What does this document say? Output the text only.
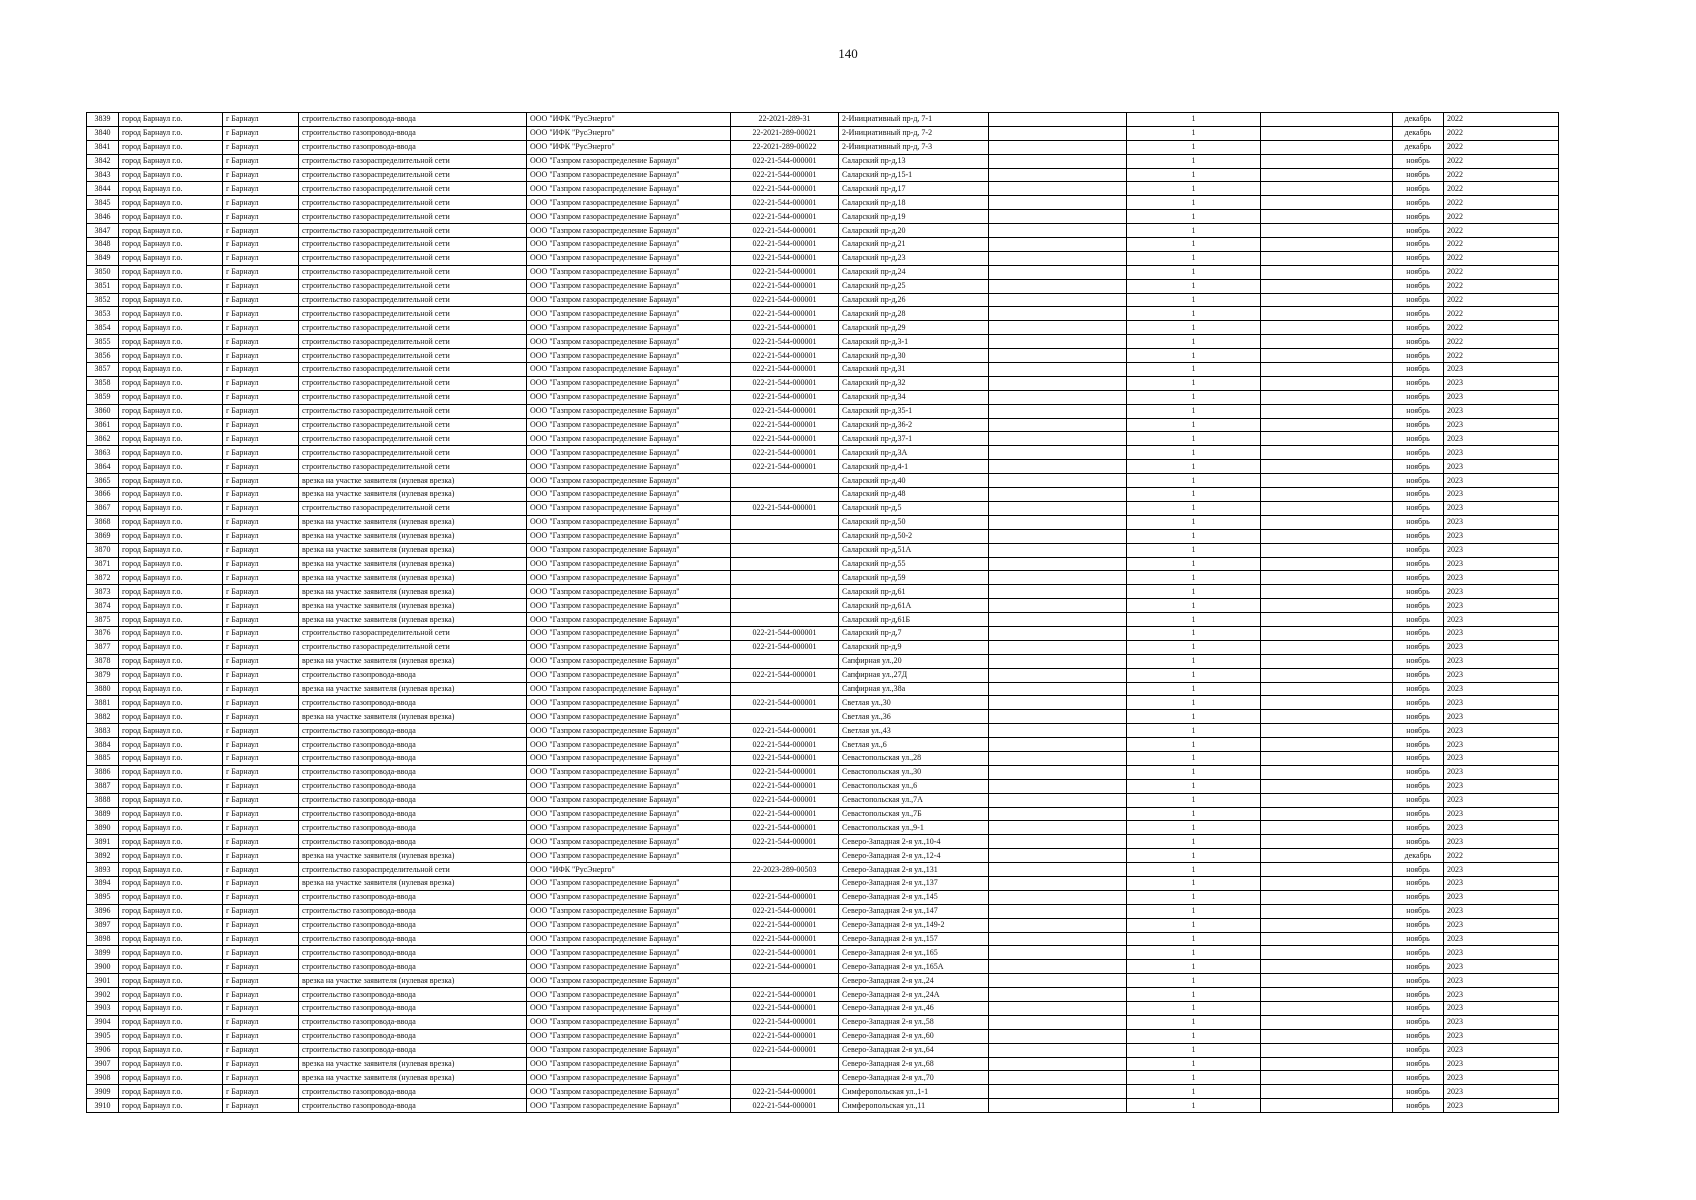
140
3839	город Барнаул г.о.	г Барнаул	строительство газопровода-ввода	ООО "ИФК "РусЭнерго"	22-2021-289-31	2-Инициативный пр-д, 7-1		1		декабрь	2022
3840	город Барнаул г.о.	г Барнаул	строительство газопровода-ввода	ООО "ИФК "РусЭнерго"	22-2021-289-00021	2-Инициативный пр-д, 7-2		1		декабрь	2022
3841	город Барнаул г.о.	г Барнаул	строительство газопровода-ввода	ООО "ИФК "РусЭнерго"	22-2021-289-00022	2-Инициативный пр-д, 7-3		1		декабрь	2022
3842	город Барнаул г.о.	г Барнаул	строительство газораспределительной сети	ООО "Газпром газораспределение Барнаул"	022-21-544-000001	Саларский пр-д,13		1		ноябрь	2022
3843	город Барнаул г.о.	г Барнаул	строительство газораспределительной сети	ООО "Газпром газораспределение Барнаул"	022-21-544-000001	Саларский пр-д,15-1		1		ноябрь	2022
3844	город Барнаул г.о.	г Барнаул	строительство газораспределительной сети	ООО "Газпром газораспределение Барнаул"	022-21-544-000001	Саларский пр-д,17		1		ноябрь	2022
3845	город Барнаул г.о.	г Барнаул	строительство газораспределительной сети	ООО "Газпром газораспределение Барнаул"	022-21-544-000001	Саларский пр-д,18		1		ноябрь	2022
3846	город Барнаул г.о.	г Барнаул	строительство газораспределительной сети	ООО "Газпром газораспределение Барнаул"	022-21-544-000001	Саларский пр-д,19		1		ноябрь	2022
3847	город Барнаул г.о.	г Барнаул	строительство газораспределительной сети	ООО "Газпром газораспределение Барнаул"	022-21-544-000001	Саларский пр-д,20		1		ноябрь	2022
3848	город Барнаул г.о.	г Барнаул	строительство газораспределительной сети	ООО "Газпром газораспределение Барнаул"	022-21-544-000001	Саларский пр-д,21		1		ноябрь	2022
3849	город Барнаул г.о.	г Барнаул	строительство газораспределительной сети	ООО "Газпром газораспределение Барнаул"	022-21-544-000001	Саларский пр-д,23		1		ноябрь	2022
3850	город Барнаул г.о.	г Барнаул	строительство газораспределительной сети	ООО "Газпром газораспределение Барнаул"	022-21-544-000001	Саларский пр-д,24		1		ноябрь	2022
3851	город Барнаул г.о.	г Барнаул	строительство газораспределительной сети	ООО "Газпром газораспределение Барнаул"	022-21-544-000001	Саларский пр-д,25		1		ноябрь	2022
3852	город Барнаул г.о.	г Барнаул	строительство газораспределительной сети	ООО "Газпром газораспределение Барнаул"	022-21-544-000001	Саларский пр-д,26		1		ноябрь	2022
3853	город Барнаул г.о.	г Барнаул	строительство газораспределительной сети	ООО "Газпром газораспределение Барнаул"	022-21-544-000001	Саларский пр-д,28		1		ноябрь	2022
3854	город Барнаул г.о.	г Барнаул	строительство газораспределительной сети	ООО "Газпром газораспределение Барнаул"	022-21-544-000001	Саларский пр-д,29		1		ноябрь	2022
3855	город Барнаул г.о.	г Барнаул	строительство газораспределительной сети	ООО "Газпром газораспределение Барнаул"	022-21-544-000001	Саларский пр-д,3-1		1		ноябрь	2022
3856	город Барнаул г.о.	г Барнаул	строительство газораспределительной сети	ООО "Газпром газораспределение Барнаул"	022-21-544-000001	Саларский пр-д,30		1		ноябрь	2022
3857	город Барнаул г.о.	г Барнаул	строительство газораспределительной сети	ООО "Газпром газораспределение Барнаул"	022-21-544-000001	Саларский пр-д,31		1		ноябрь	2023
3858	город Барнаул г.о.	г Барнаул	строительство газораспределительной сети	ООО "Газпром газораспределение Барнаул"	022-21-544-000001	Саларский пр-д,32		1		ноябрь	2023
3859	город Барнаул г.о.	г Барнаул	строительство газораспределительной сети	ООО "Газпром газораспределение Барнаул"	022-21-544-000001	Саларский пр-д,34		1		ноябрь	2023
3860	город Барнаул г.о.	г Барнаул	строительство газораспределительной сети	ООО "Газпром газораспределение Барнаул"	022-21-544-000001	Саларский пр-д,35-1		1		ноябрь	2023
3861	город Барнаул г.о.	г Барнаул	строительство газораспределительной сети	ООО "Газпром газораспределение Барнаул"	022-21-544-000001	Саларский пр-д,36-2		1		ноябрь	2023
3862	город Барнаул г.о.	г Барнаул	строительство газораспределительной сети	ООО "Газпром газораспределение Барнаул"	022-21-544-000001	Саларский пр-д,37-1		1		ноябрь	2023
3863	город Барнаул г.о.	г Барнаул	строительство газораспределительной сети	ООО "Газпром газораспределение Барнаул"	022-21-544-000001	Саларский пр-д,3А		1		ноябрь	2023
3864	город Барнаул г.о.	г Барнаул	строительство газораспределительной сети	ООО "Газпром газораспределение Барнаул"	022-21-544-000001	Саларский пр-д,4-1		1		ноябрь	2023
3865	город Барнаул г.о.	г Барнаул	врезка на участке заявителя (нулевая врезка)	ООО "Газпром газораспределение Барнаул"		Саларский пр-д,40		1		ноябрь	2023
3866	город Барнаул г.о.	г Барнаул	врезка на участке заявителя (нулевая врезка)	ООО "Газпром газораспределение Барнаул"		Саларский пр-д,48		1		ноябрь	2023
3867	город Барнаул г.о.	г Барнаул	строительство газораспределительной сети	ООО "Газпром газораспределение Барнаул"	022-21-544-000001	Саларский пр-д,5		1		ноябрь	2023
3868	город Барнаул г.о.	г Барнаул	врезка на участке заявителя (нулевая врезка)	ООО "Газпром газораспределение Барнаул"		Саларский пр-д,50		1		ноябрь	2023
3869	город Барнаул г.о.	г Барнаул	врезка на участке заявителя (нулевая врезка)	ООО "Газпром газораспределение Барнаул"		Саларский пр-д,50-2		1		ноябрь	2023
3870	город Барнаул г.о.	г Барнаул	врезка на участке заявителя (нулевая врезка)	ООО "Газпром газораспределение Барнаул"		Саларский пр-д,51А		1		ноябрь	2023
3871	город Барнаул г.о.	г Барнаул	врезка на участке заявителя (нулевая врезка)	ООО "Газпром газораспределение Барнаул"		Саларский пр-д,55		1		ноябрь	2023
3872	город Барнаул г.о.	г Барнаул	врезка на участке заявителя (нулевая врезка)	ООО "Газпром газораспределение Барнаул"		Саларский пр-д,59		1		ноябрь	2023
3873	город Барнаул г.о.	г Барнаул	врезка на участке заявителя (нулевая врезка)	ООО "Газпром газораспределение Барнаул"		Саларский пр-д,61		1		ноябрь	2023
3874	город Барнаул г.о.	г Барнаул	врезка на участке заявителя (нулевая врезка)	ООО "Газпром газораспределение Барнаул"		Саларский пр-д,61А		1		ноябрь	2023
3875	город Барнаул г.о.	г Барнаул	врезка на участке заявителя (нулевая врезка)	ООО "Газпром газораспределение Барнаул"		Саларский пр-д,61Б		1		ноябрь	2023
3876	город Барнаул г.о.	г Барнаул	строительство газораспределительной сети	ООО "Газпром газораспределение Барнаул"	022-21-544-000001	Саларский пр-д,7		1		ноябрь	2023
3877	город Барнаул г.о.	г Барнаул	строительство газораспределительной сети	ООО "Газпром газораспределение Барнаул"	022-21-544-000001	Саларский пр-д,9		1		ноябрь	2023
3878	город Барнаул г.о.	г Барнаул	врезка на участке заявителя (нулевая врезка)	ООО "Газпром газораспределение Барнаул"		Сапфирная ул.,20		1		ноябрь	2023
3879	город Барнаул г.о.	г Барнаул	строительство газопровода-ввода	ООО "Газпром газораспределение Барнаул"	022-21-544-000001	Сапфирная ул.,27Д		1		ноябрь	2023
3880	город Барнаул г.о.	г Барнаул	врезка на участке заявителя (нулевая врезка)	ООО "Газпром газораспределение Барнаул"		Сапфирная ул.,38а		1		ноябрь	2023
3881	город Барнаул г.о.	г Барнаул	строительство газопровода-ввода	ООО "Газпром газораспределение Барнаул"	022-21-544-000001	Светлая ул.,30		1		ноябрь	2023
3882	город Барнаул г.о.	г Барнаул	врезка на участке заявителя (нулевая врезка)	ООО "Газпром газораспределение Барнаул"		Светлая ул.,36		1		ноябрь	2023
3883	город Барнаул г.о.	г Барнаул	строительство газопровода-ввода	ООО "Газпром газораспределение Барнаул"	022-21-544-000001	Светлая ул.,43		1		ноябрь	2023
3884	город Барнаул г.о.	г Барнаул	строительство газопровода-ввода	ООО "Газпром газораспределение Барнаул"	022-21-544-000001	Светлая ул.,6		1		ноябрь	2023
3885	город Барнаул г.о.	г Барнаул	строительство газопровода-ввода	ООО "Газпром газораспределение Барнаул"	022-21-544-000001	Севастопольская ул.,28		1		ноябрь	2023
3886	город Барнаул г.о.	г Барнаул	строительство газопровода-ввода	ООО "Газпром газораспределение Барнаул"	022-21-544-000001	Севастопольская ул.,30		1		ноябрь	2023
3887	город Барнаул г.о.	г Барнаул	строительство газопровода-ввода	ООО "Газпром газораспределение Барнаул"	022-21-544-000001	Севастопольская ул.,6		1		ноябрь	2023
3888	город Барнаул г.о.	г Барнаул	строительство газопровода-ввода	ООО "Газпром газораспределение Барнаул"	022-21-544-000001	Севастопольская ул.,7А		1		ноябрь	2023
3889	город Барнаул г.о.	г Барнаул	строительство газопровода-ввода	ООО "Газпром газораспределение Барнаул"	022-21-544-000001	Севастопольская ул.,7Б		1		ноябрь	2023
3890	город Барнаул г.о.	г Барнаул	строительство газопровода-ввода	ООО "Газпром газораспределение Барнаул"	022-21-544-000001	Севастопольская ул.,9-1		1		ноябрь	2023
3891	город Барнаул г.о.	г Барнаул	строительство газопровода-ввода	ООО "Газпром газораспределение Барнаул"	022-21-544-000001	Северо-Западная 2-я ул.,10-4		1		ноябрь	2023
3892	город Барнаул г.о.	г Барнаул	врезка на участке заявителя (нулевая врезка)	ООО "Газпром газораспределение Барнаул"		Северо-Западная 2-я ул.,12-4		1		декабрь	2022
3893	город Барнаул г.о.	г Барнаул	строительство газораспределительной сети	ООО "ИФК "РусЭнерго"	22-2023-289-00503	Северо-Западная 2-я ул.,131		1		ноябрь	2023
3894	город Барнаул г.о.	г Барнаул	врезка на участке заявителя (нулевая врезка)	ООО "Газпром газораспределение Барнаул"		Северо-Западная 2-я ул.,137		1		ноябрь	2023
3895	город Барнаул г.о.	г Барнаул	строительство газопровода-ввода	ООО "Газпром газораспределение Барнаул"	022-21-544-000001	Северо-Западная 2-я ул.,145		1		ноябрь	2023
3896	город Барнаул г.о.	г Барнаул	строительство газопровода-ввода	ООО "Газпром газораспределение Барнаул"	022-21-544-000001	Северо-Западная 2-я ул.,147		1		ноябрь	2023
3897	город Барнаул г.о.	г Барнаул	строительство газопровода-ввода	ООО "Газпром газораспределение Барнаул"	022-21-544-000001	Северо-Западная 2-я ул.,149-2		1		ноябрь	2023
3898	город Барнаул г.о.	г Барнаул	строительство газопровода-ввода	ООО "Газпром газораспределение Барнаул"	022-21-544-000001	Северо-Западная 2-я ул.,157		1		ноябрь	2023
3899	город Барнаул г.о.	г Барнаул	строительство газопровода-ввода	ООО "Газпром газораспределение Барнаул"	022-21-544-000001	Северо-Западная 2-я ул.,165		1		ноябрь	2023
3900	город Барнаул г.о.	г Барнаул	строительство газопровода-ввода	ООО "Газпром газораспределение Барнаул"	022-21-544-000001	Северо-Западная 2-я ул.,165А		1		ноябрь	2023
3901	город Барнаул г.о.	г Барнаул	врезка на участке заявителя (нулевая врезка)	ООО "Газпром газораспределение Барнаул"		Северо-Западная 2-я ул.,24		1		ноябрь	2023
3902	город Барнаул г.о.	г Барнаул	строительство газопровода-ввода	ООО "Газпром газораспределение Барнаул"	022-21-544-000001	Северо-Западная 2-я ул.,24А		1		ноябрь	2023
3903	город Барнаул г.о.	г Барнаул	строительство газопровода-ввода	ООО "Газпром газораспределение Барнаул"	022-21-544-000001	Северо-Западная 2-я ул.,46		1		ноябрь	2023
3904	город Барнаул г.о.	г Барнаул	строительство газопровода-ввода	ООО "Газпром газораспределение Барнаул"	022-21-544-000001	Северо-Западная 2-я ул.,58		1		ноябрь	2023
3905	город Барнаул г.о.	г Барнаул	строительство газопровода-ввода	ООО "Газпром газораспределение Барнаул"	022-21-544-000001	Северо-Западная 2-я ул.,60		1		ноябрь	2023
3906	город Барнаул г.о.	г Барнаул	строительство газопровода-ввода	ООО "Газпром газораспределение Барнаул"	022-21-544-000001	Северо-Западная 2-я ул.,64		1		ноябрь	2023
3907	город Барнаул г.о.	г Барнаул	врезка на участке заявителя (нулевая врезка)	ООО "Газпром газораспределение Барнаул"		Северо-Западная 2-я ул.,68		1		ноябрь	2023
3908	город Барнаул г.о.	г Барнаул	врезка на участке заявителя (нулевая врезка)	ООО "Газпром газораспределение Барнаул"		Северо-Западная 2-я ул.,70		1		ноябрь	2023
3909	город Барнаул г.о.	г Барнаул	строительство газопровода-ввода	ООО "Газпром газораспределение Барнаул"	022-21-544-000001	Симферопольская ул.,1-1		1		ноябрь	2023
3910	город Барнаул г.о.	г Барнаул	строительство газопровода-ввода	ООО "Газпром газораспределение Барнаул"	022-21-544-000001	Симферопольская ул.,11		1		ноябрь	2023
